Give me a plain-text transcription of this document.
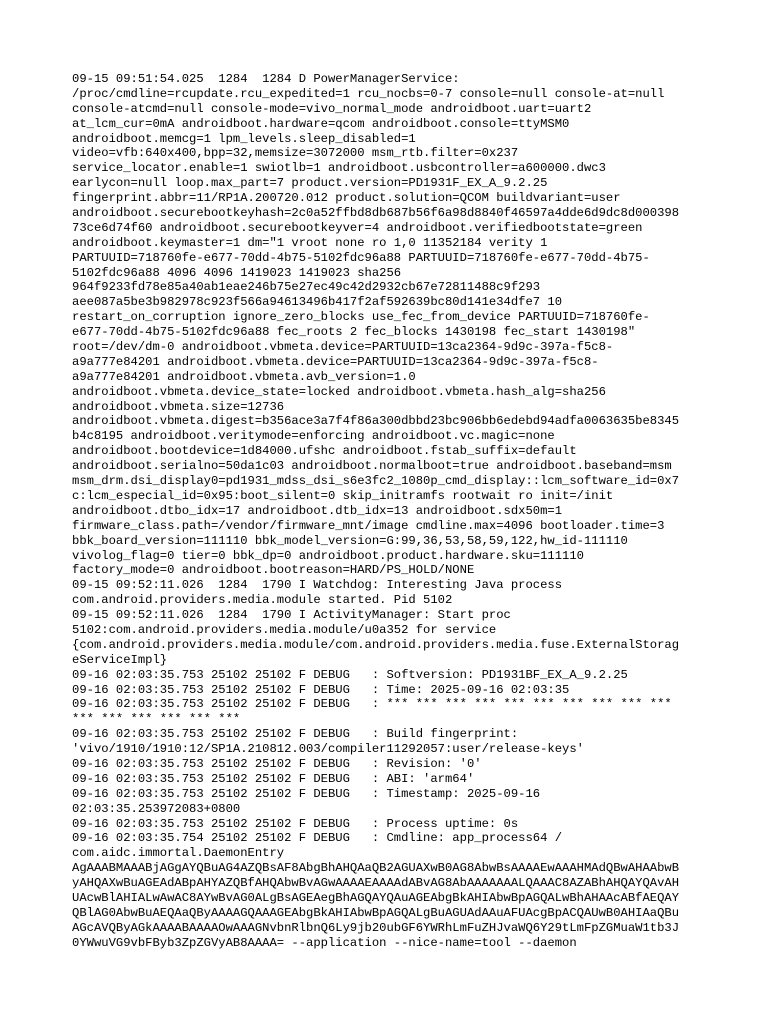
09-15 09:51:54.025  1284  1284 D PowerManagerService:
/proc/cmdline=rcupdate.rcu_expedited=1 rcu_nocbs=0-7 console=null console-at=null
console-atcmd=null console-mode=vivo_normal_mode androidboot.uart=uart2
at_lcm_cur=0mA androidboot.hardware=qcom androidboot.console=ttyMSM0
androidboot.memcg=1 lpm_levels.sleep_disabled=1
video=vfb:640x400,bpp=32,memsize=3072000 msm_rtb.filter=0x237
service_locator.enable=1 swiotlb=1 androidboot.usbcontroller=a600000.dwc3
earlycon=null loop.max_part=7 product.version=PD1931F_EX_A_9.2.25
fingerprint.abbr=11/RP1A.200720.012 product.solution=QCOM buildvariant=user
androidboot.securebootkeyhash=2c0a52ffbd8db687b56f6a98d8840f46597a4dde6d9dc8d000398
73ce6d74f60 androidboot.securebootkeyver=4 androidboot.verifiedbootstate=green
androidboot.keymaster=1 dm="1 vroot none ro 1,0 11352184 verity 1
PARTUUID=718760fe-e677-70dd-4b75-5102fdc96a88 PARTUUID=718760fe-e677-70dd-4b75-
5102fdc96a88 4096 4096 1419023 1419023 sha256
964f9233fd78e85a40ab1eae246b75e27ec49c42d2932cb67e72811488c9f293
aee087a5be3b982978c923f566a94613496b417f2af592639bc80d141e34dfe7 10
restart_on_corruption ignore_zero_blocks use_fec_from_device PARTUUID=718760fe-
e677-70dd-4b75-5102fdc96a88 fec_roots 2 fec_blocks 1430198 fec_start 1430198"
root=/dev/dm-0 androidboot.vbmeta.device=PARTUUID=13ca2364-9d9c-397a-f5c8-
a9a777e84201 androidboot.vbmeta.device=PARTUUID=13ca2364-9d9c-397a-f5c8-
a9a777e84201 androidboot.vbmeta.avb_version=1.0
androidboot.vbmeta.device_state=locked androidboot.vbmeta.hash_alg=sha256
androidboot.vbmeta.size=12736
androidboot.vbmeta.digest=b356ace3a7f4f86a300dbbd23bc906bb6edebd94adfa0063635be8345
b4c8195 androidboot.veritymode=enforcing androidboot.vc.magic=none
androidboot.bootdevice=1d84000.ufshc androidboot.fstab_suffix=default
androidboot.serialno=50da1c03 androidboot.normalboot=true androidboot.baseband=msm
msm_drm.dsi_display0=pd1931_mdss_dsi_s6e3fc2_1080p_cmd_display::lcm_software_id=0x7
c:lcm_especial_id=0x95:boot_silent=0 skip_initramfs rootwait ro init=/init
androidboot.dtbo_idx=17 androidboot.dtb_idx=13 androidboot.sdx50m=1
firmware_class.path=/vendor/firmware_mnt/image cmdline.max=4096 bootloader.time=3
bbk_board_version=111110 bbk_model_version=G:99,36,53,58,59,122,hw_id-111110
vivolog_flag=0 tier=0 bbk_dp=0 androidboot.product.hardware.sku=111110
factory_mode=0 androidboot.bootreason=HARD/PS_HOLD/NONE
09-15 09:52:11.026  1284  1790 I Watchdog: Interesting Java process
com.android.providers.media.module started. Pid 5102
09-15 09:52:11.026  1284  1790 I ActivityManager: Start proc
5102:com.android.providers.media.module/u0a352 for service
{com.android.providers.media.module/com.android.providers.media.fuse.ExternalStorag
eServiceImpl}
09-16 02:03:35.753 25102 25102 F DEBUG   : Softversion: PD1931BF_EX_A_9.2.25
09-16 02:03:35.753 25102 25102 F DEBUG   : Time: 2025-09-16 02:03:35
09-16 02:03:35.753 25102 25102 F DEBUG   : *** *** *** *** *** *** *** *** *** ***
*** *** *** *** *** ***
09-16 02:03:35.753 25102 25102 F DEBUG   : Build fingerprint:
'vivo/1910/1910:12/SP1A.210812.003/compiler11292057:user/release-keys'
09-16 02:03:35.753 25102 25102 F DEBUG   : Revision: '0'
09-16 02:03:35.753 25102 25102 F DEBUG   : ABI: 'arm64'
09-16 02:03:35.753 25102 25102 F DEBUG   : Timestamp: 2025-09-16
02:03:35.253972083+0800
09-16 02:03:35.753 25102 25102 F DEBUG   : Process uptime: 0s
09-16 02:03:35.754 25102 25102 F DEBUG   : Cmdline: app_process64 /
com.aidc.immortal.DaemonEntry
AgAAABMAAABjAGgAYQBuAG4AZQBsAF8AbgBhAHQAaQB2AGUAXwB0AG8AbwBsAAAAEwAAAHMAdQBwAHAAbwB
yAHQAXwBuAGEAdABpAHYAZQBfAHQAbwBvAGwAAAAEAAAAdABvAG8AbAAAAAAALQAAAC8AZABhAHQAYQAvAH
UAcwBlAHIALwAwAC8AYwBvAG0ALgBsAGEAegBhAGQAYQAuAGEAbgBkAHIAbwBpAGQALwBhAHAAcABfAEQAY
QBlAG0AbwBuAEQAaQByAAAAGQAAAGEAbgBkAHIAbwBpAGQALgBuAGUAdAAuAFUAcgBpACQAUwB0AHIAaQBu
AGcAVQByAGkAAAABAAAAOwAAAGNvbnRlbnQ6Ly9jb20ubGF6YWRhLmFuZHJvaWQ6Y29tLmFpZGMuaW1tb3J
0YWwuVG9vbFByb3ZpZGVyAB8AAAA= --application --nice-name=tool --daemon
